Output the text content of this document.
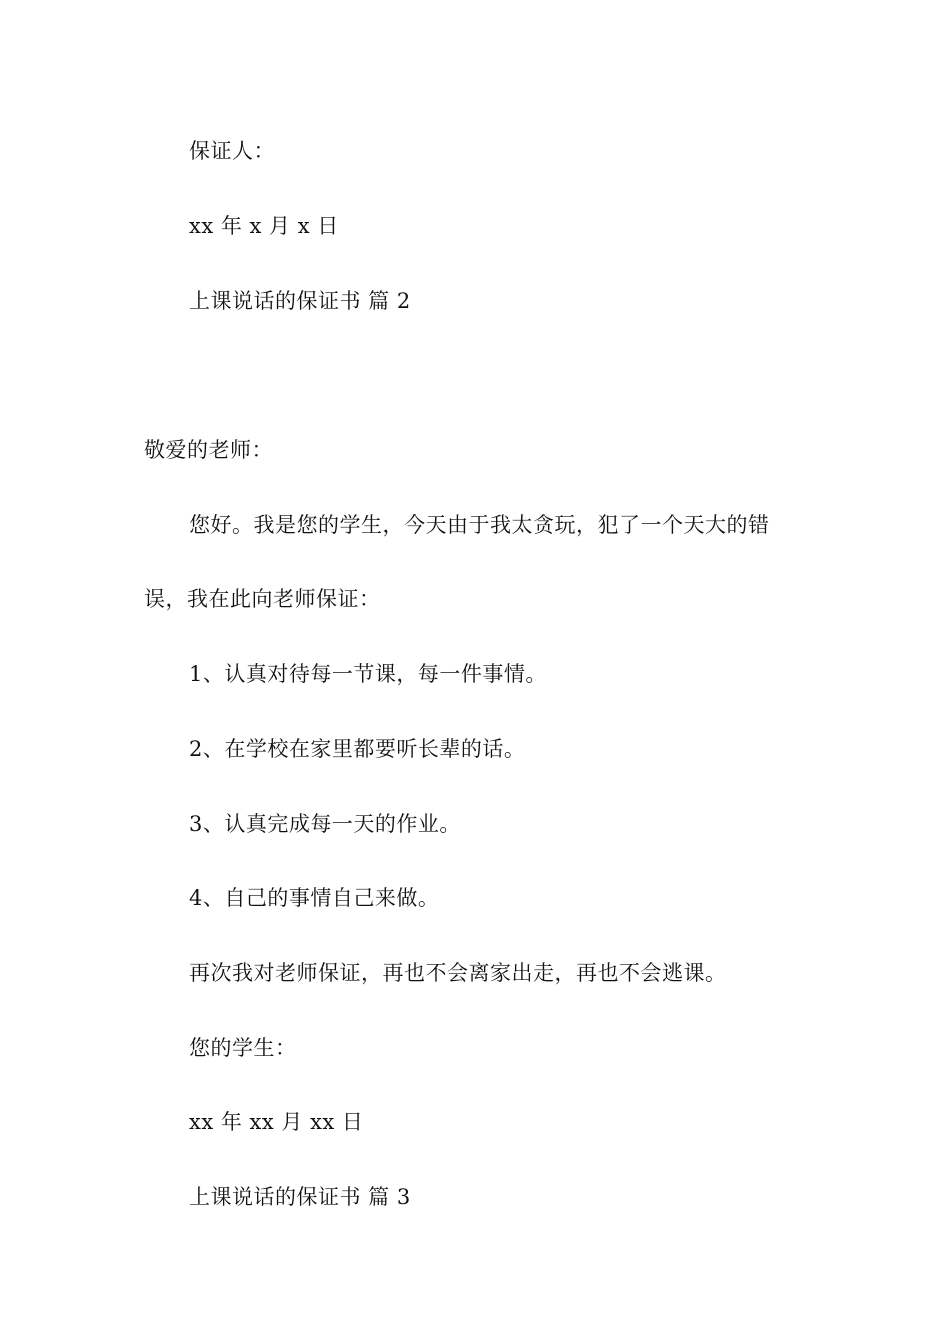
保证人：
xx 年 x 月 x 日
上课说话的保证书 篇 2
敬爱的老师：
您好。我是您的学生，今天由于我太贪玩，犯了一个天大的错
误，我在此向老师保证：
1、认真对待每一节课，每一件事情。
2、在学校在家里都要听长辈的话。
3、认真完成每一天的作业。
4、自己的事情自己来做。
再次我对老师保证，再也不会离家出走，再也不会逃课。
您的学生：
xx 年 xx 月 xx 日
上课说话的保证书 篇 3
